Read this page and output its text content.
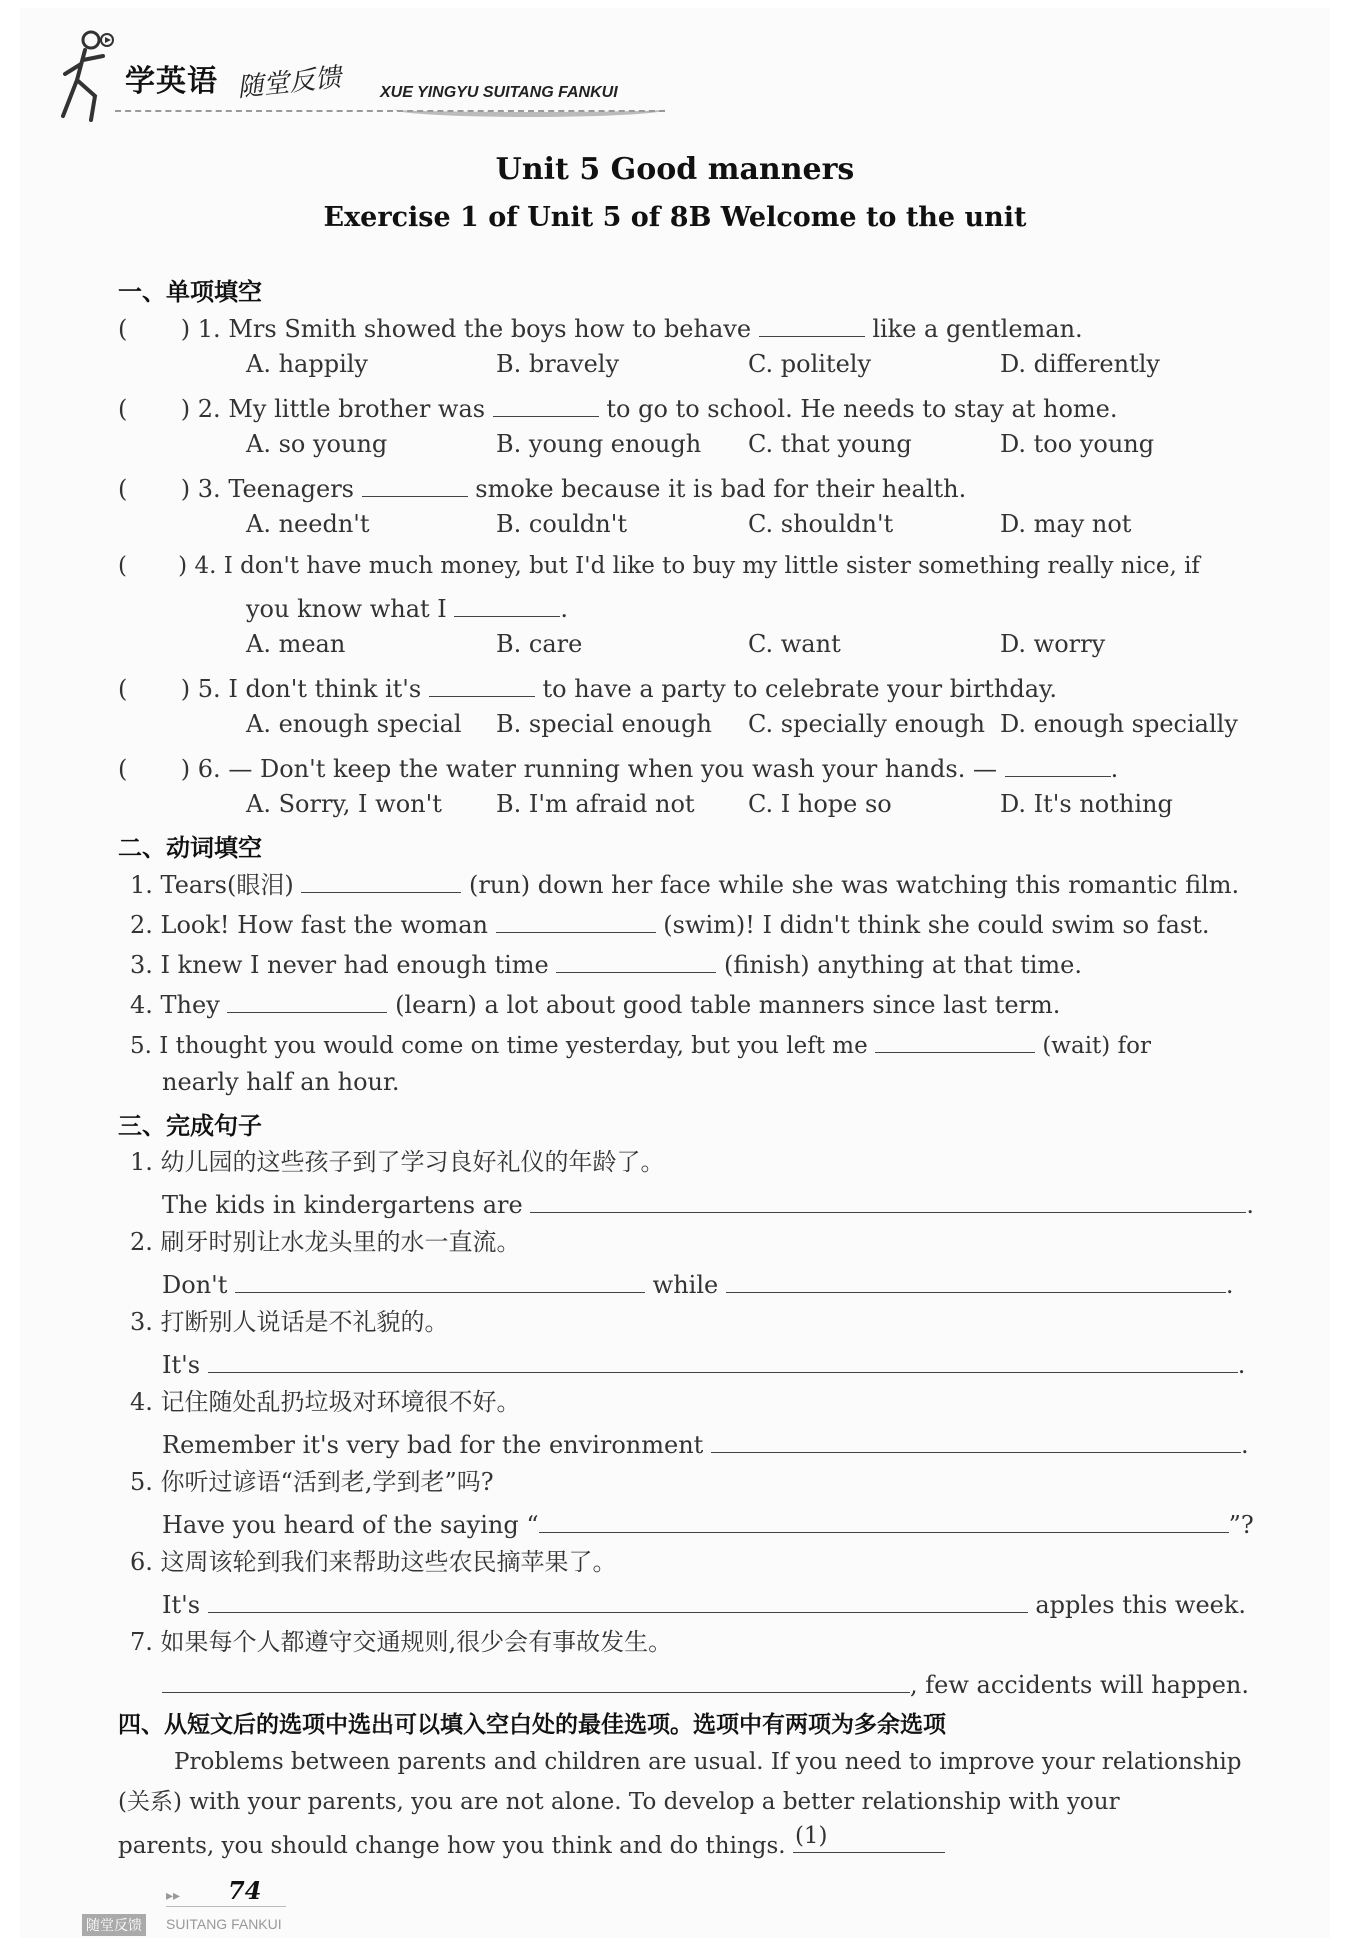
学英语 随堂反馈 XUE YINGYU SUITANG FANKUI
Unit 5 Good manners
Exercise 1 of Unit 5 of 8B Welcome to the unit
一、单项填空
(       ) 1. Mrs Smith showed the boys how to behave	like a gentleman.
A. happily	B. bravely	C. politely	D. differently
(       ) 2. My little brother was	to go to school. He needs to stay at home.
A. so young	B. young enough C. that young	D. too young
(       ) 3. Teenagers	smoke because it is bad for their health.
A. needn't	B. couldn't	C. shouldn't	D. may not
(       ) 4. I don't have much money, but I'd like to buy my little sister something really nice, if
you know what I	.
A. mean	B. care	C. want	D. worry
(       ) 5. I don't think it's	to have a party to celebrate your birthday.
A. enough special B. special enough C. specially enough D. enough specially
(       ) 6. — Don't keep the water running when you wash your hands. —	.
A. Sorry, I won't B. I'm afraid not C. I hope so	D. It's nothing
二、动词填空
1. Tears(眼泪)	(run) down her face while she was watching this romantic film.
2. Look! How fast the woman	(swim)! I didn't think she could swim so fast.
3. I knew I never had enough time	(finish) anything at that time.
4. They	(learn) a lot about good table manners since last term.
5. I thought you would come on time yesterday, but you left me	(wait) for
nearly half an hour.
三、完成句子
1. 幼儿园的这些孩子到了学习良好礼仪的年龄了。
The kids in kindergartens are	.
2. 刷牙时别让水龙头里的水一直流。
Don't	while	.
3. 打断别人说话是不礼貌的。
It's	.
4. 记住随处乱扔垃圾对环境很不好。
Remember it's very bad for the environment	.
5. 你听过谚语“活到老,学到老”吗?
Have you heard of the saying “	”?
6. 这周该轮到我们来帮助这些农民摘苹果了。
It's	apples this week.
7. 如果每个人都遵守交通规则,很少会有事故发生。
, few accidents will happen.
四、从短文后的选项中选出可以填入空白处的最佳选项。选项中有两项为多余选项
Problems between parents and children are usual. If you need to improve your relationship
(关系) with your parents, you are not alone. To develop a better relationship with your
parents, you should change how you think and do things. (1)
▸▸ 74
随堂反馈 SUITANG FANKUI
